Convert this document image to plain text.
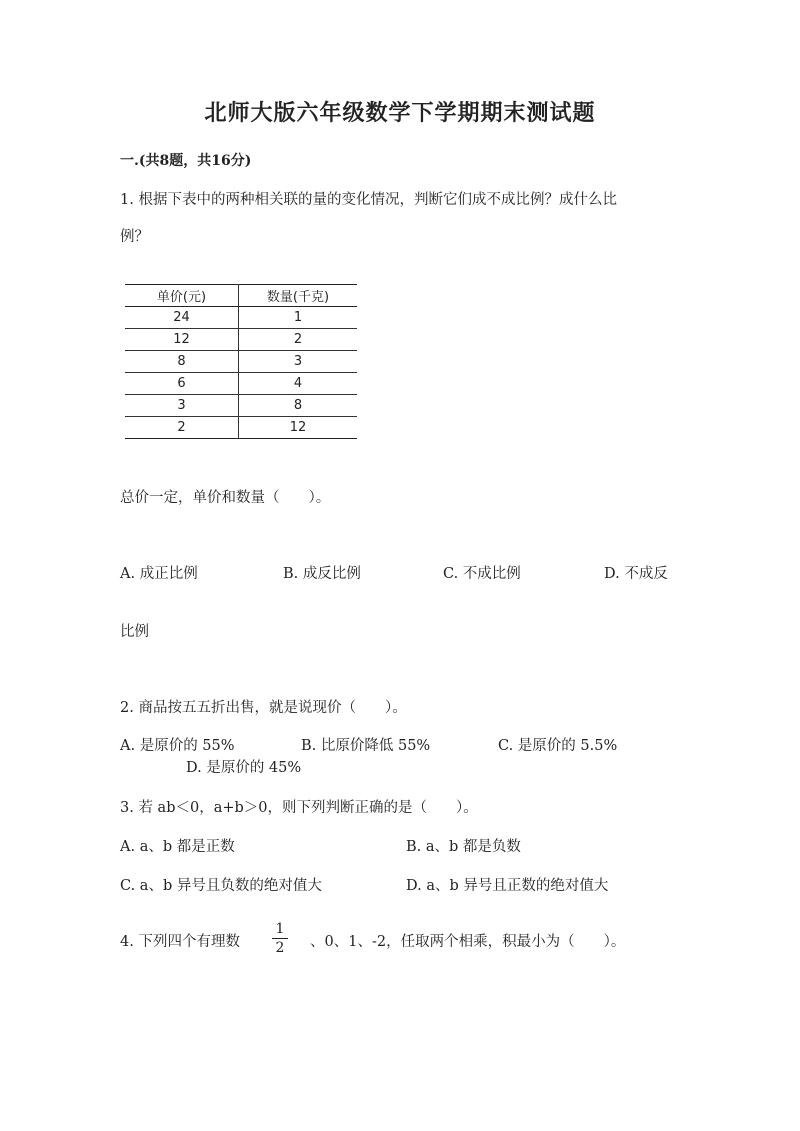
北师大版六年级数学下学期期末测试题
一.(共8题，共16分)
1. 根据下表中的两种相关联的量的变化情况，判断它们成不成比例？成什么比
例？
单价(元)	数量(千克)
24	1
12	2
8	3
6	4
3	8
2	12
总价一定，单价和数量（　　）。
A. 成正比例	B. 成反比例	C. 不成比例	D. 不成反
比例
2. 商品按五五折出售，就是说现价（　　）。
A. 是原价的 55%	B. 比原价降低 55%	C. 是原价的 5.5%
D. 是原价的 45%
3. 若 ab＜0，a+b＞0，则下列判断正确的是（　　）。
A. a、b 都是正数	B. a、b 都是负数
C. a、b 异号且负数的绝对值大	D. a、b 异号且正数的绝对值大
4. 下列四个有理数
1
2 、0、1、-2，任取两个相乘，积最小为（　　）。
